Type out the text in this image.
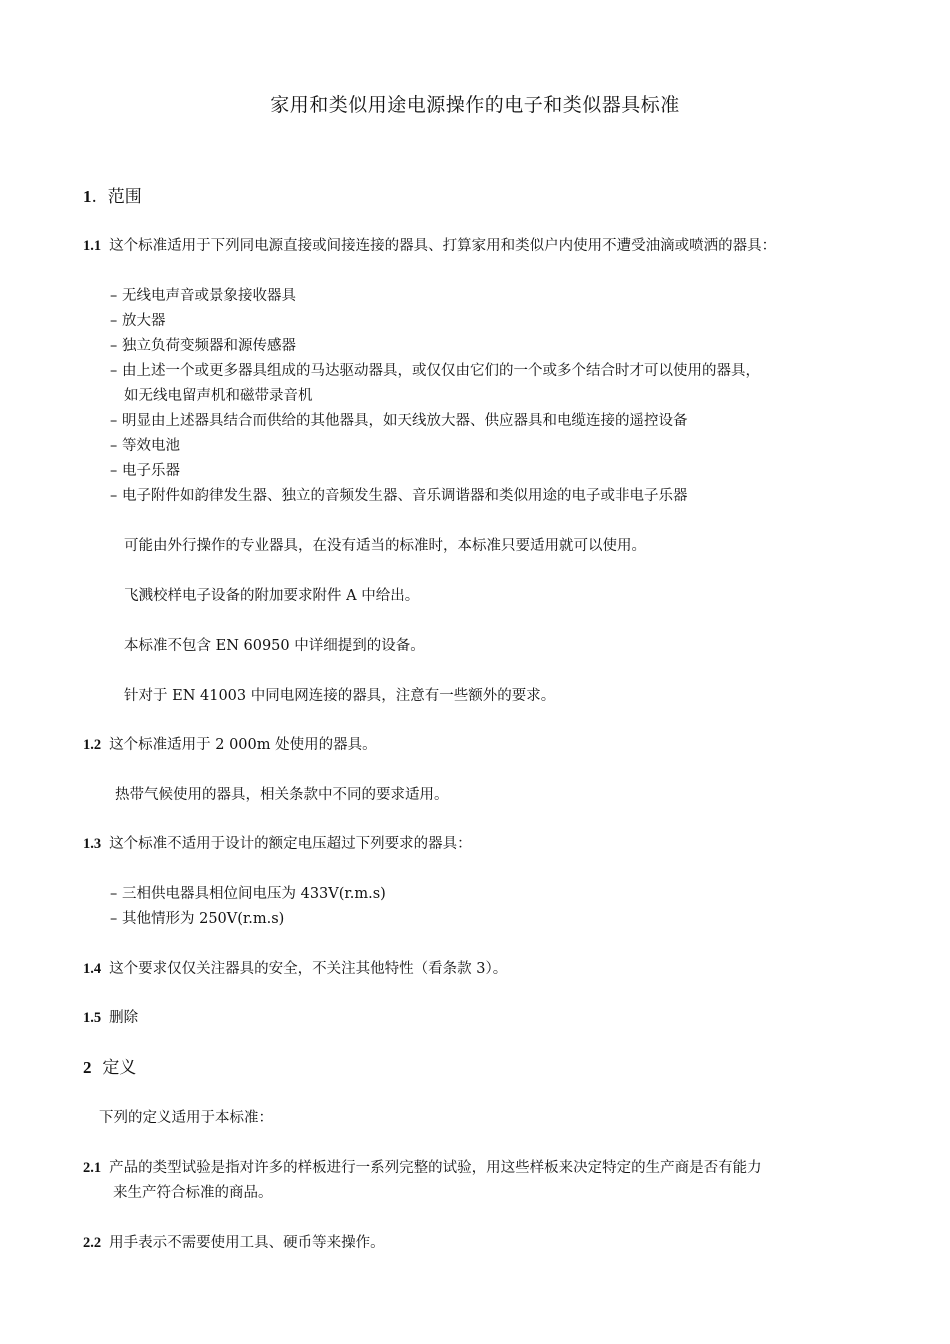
家用和类似用途电源操作的电子和类似器具标准
1. 范围
1.1 这个标准适用于下列同电源直接或间接连接的器具、打算家用和类似户内使用不遭受油滴或喷洒的器具：
– 无线电声音或景象接收器具
– 放大器
– 独立负荷变频器和源传感器
– 由上述一个或更多器具组成的马达驱动器具，或仅仅由它们的一个或多个结合时才可以使用的器具，
如无线电留声机和磁带录音机
– 明显由上述器具结合而供给的其他器具，如天线放大器、供应器具和电缆连接的遥控设备
– 等效电池
– 电子乐器
– 电子附件如韵律发生器、独立的音频发生器、音乐调谐器和类似用途的电子或非电子乐器
可能由外行操作的专业器具，在没有适当的标准时，本标准只要适用就可以使用。
飞溅校样电子设备的附加要求附件 A 中给出。
本标准不包含 EN 60950 中详细提到的设备。
针对于 EN 41003 中同电网连接的器具，注意有一些额外的要求。
1.2 这个标准适用于 2 000m 处使用的器具。
热带气候使用的器具，相关条款中不同的要求适用。
1.3 这个标准不适用于设计的额定电压超过下列要求的器具：
– 三相供电器具相位间电压为 433V(r.m.s)
– 其他情形为 250V(r.m.s)
1.4 这个要求仅仅关注器具的安全，不关注其他特性（看条款 3）。
1.5 删除
2 定义
下列的定义适用于本标准：
2.1 产品的类型试验是指对许多的样板进行一系列完整的试验，用这些样板来决定特定的生产商是否有能力
来生产符合标准的商品。
2.2 用手表示不需要使用工具、硬币等来操作。
